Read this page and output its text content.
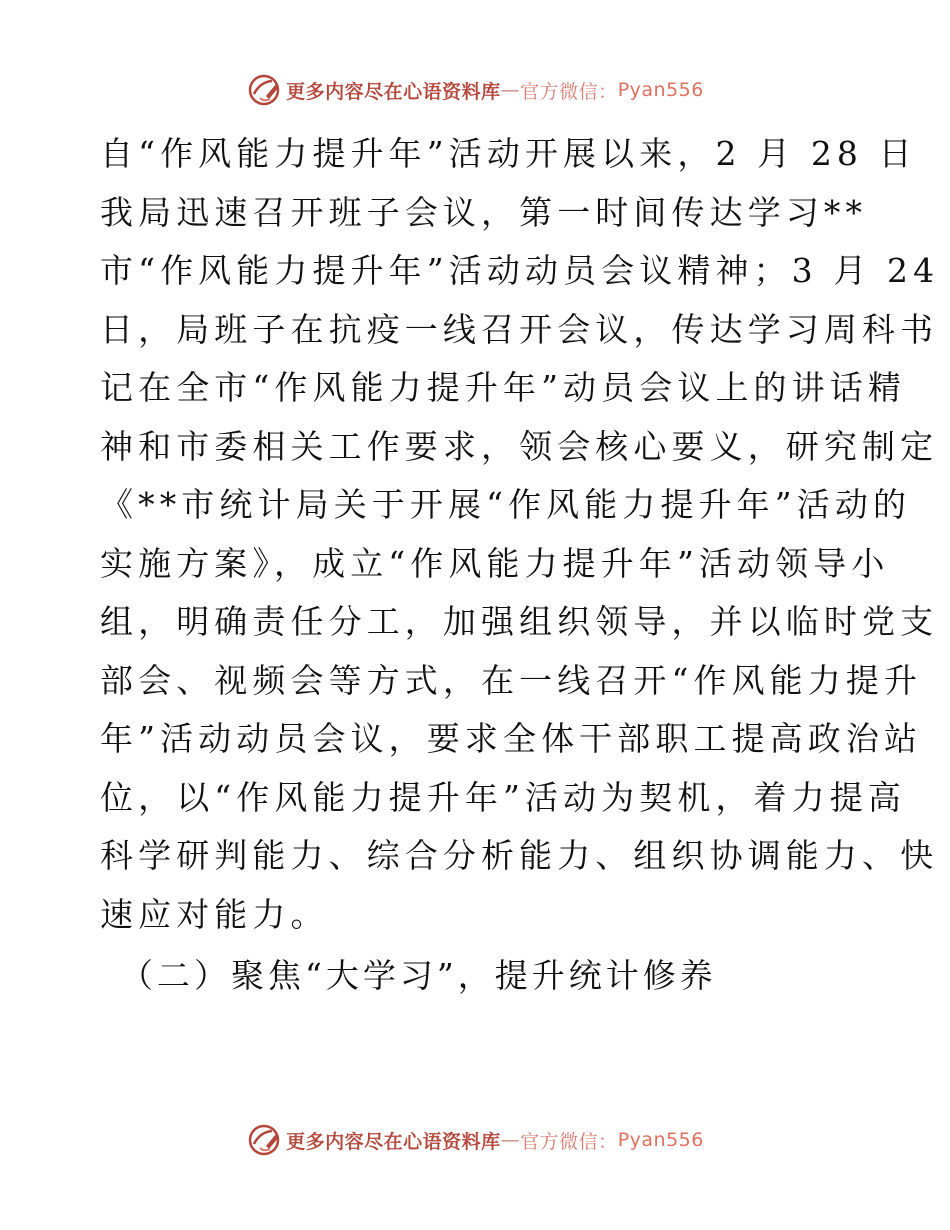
更多内容尽在心语资料库 — 官方微信： Pyan556

自“作风能力提升年”活动开展以来，2 月 28 日
我局迅速召开班子会议，第一时间传达学习**
市“作风能力提升年”活动动员会议精神；3 月 24
日，局班子在抗疫一线召开会议，传达学习周科书
记在全市“作风能力提升年”动员会议上的讲话精
神和市委相关工作要求，领会核心要义，研究制定
《**市统计局关于开展“作风能力提升年”活动的
实施方案》，成立“作风能力提升年”活动领导小
组，明确责任分工，加强组织领导，并以临时党支
部会、视频会等方式，在一线召开“作风能力提升
年”活动动员会议，要求全体干部职工提高政治站
位，以“作风能力提升年”活动为契机，着力提高
科学研判能力、综合分析能力、组织协调能力、快
速应对能力。

（二）聚焦“大学习”，提升统计修养
更多内容尽在心语资料库 — 官方微信： Pyan556
